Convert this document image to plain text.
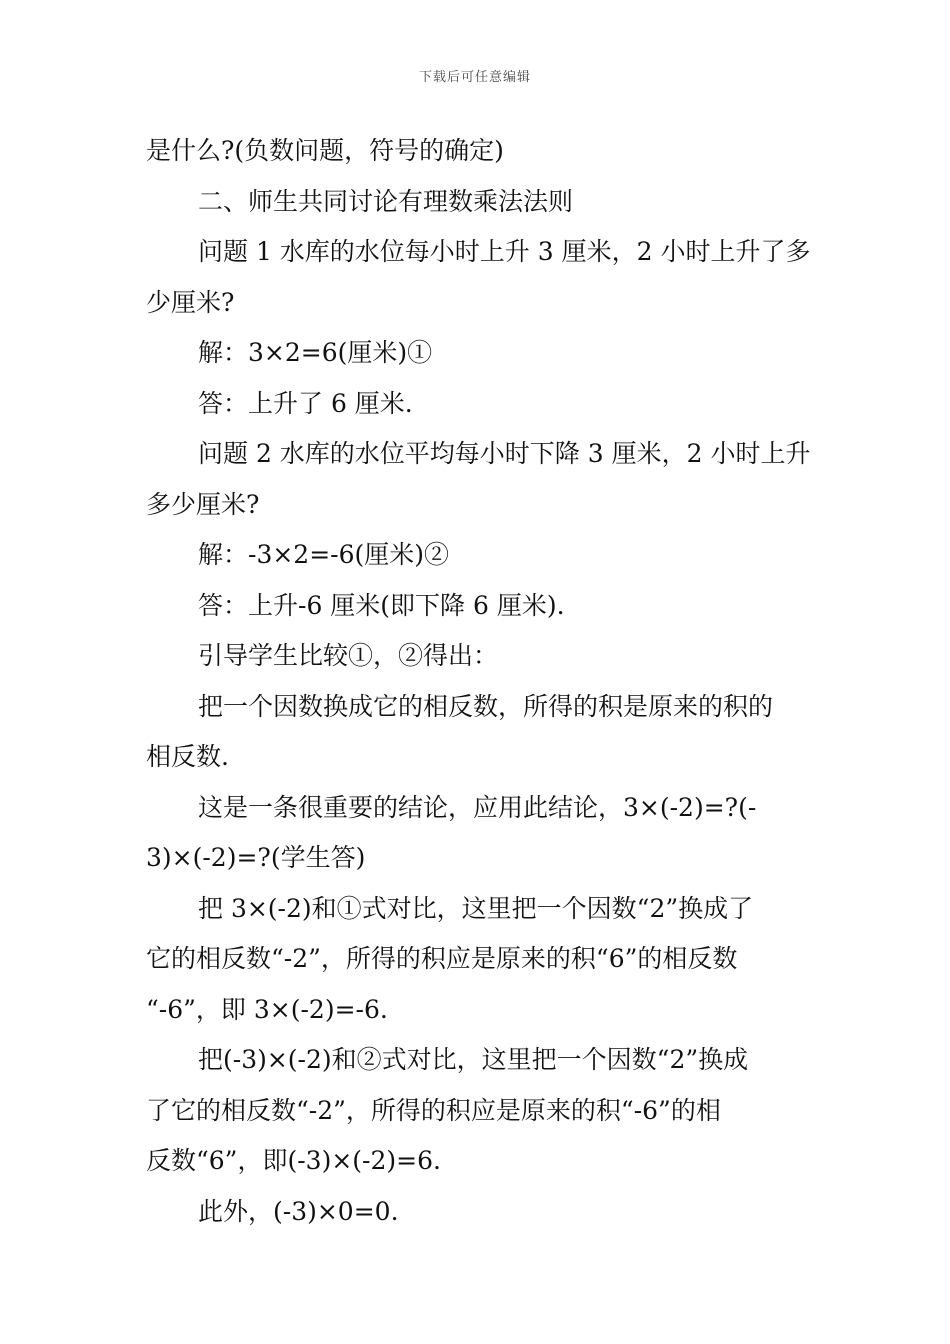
下载后可任意编辑
是什么?(负数问题，符号的确定)
二、师生共同讨论有理数乘法法则
问题 1 水库的水位每小时上升 3 厘米，2 小时上升了多
少厘米?
解：3×2=6(厘米)①
答：上升了 6 厘米.
问题 2 水库的水位平均每小时下降 3 厘米，2 小时上升
多少厘米?
解：-3×2=-6(厘米)②
答：上升-6 厘米(即下降 6 厘米).
引导学生比较①，②得出：
把一个因数换成它的相反数，所得的积是原来的积的
相反数.
这是一条很重要的结论，应用此结论，3×(-2)=?(-
3)×(-2)=?(学生答)
把 3×(-2)和①式对比，这里把一个因数“2”换成了
它的相反数“-2”，所得的积应是原来的积“6”的相反数
“-6”，即 3×(-2)=-6.
把(-3)×(-2)和②式对比，这里把一个因数“2”换成
了它的相反数“-2”，所得的积应是原来的积“-6”的相
反数“6”，即(-3)×(-2)=6.
此外，(-3)×0=0.
